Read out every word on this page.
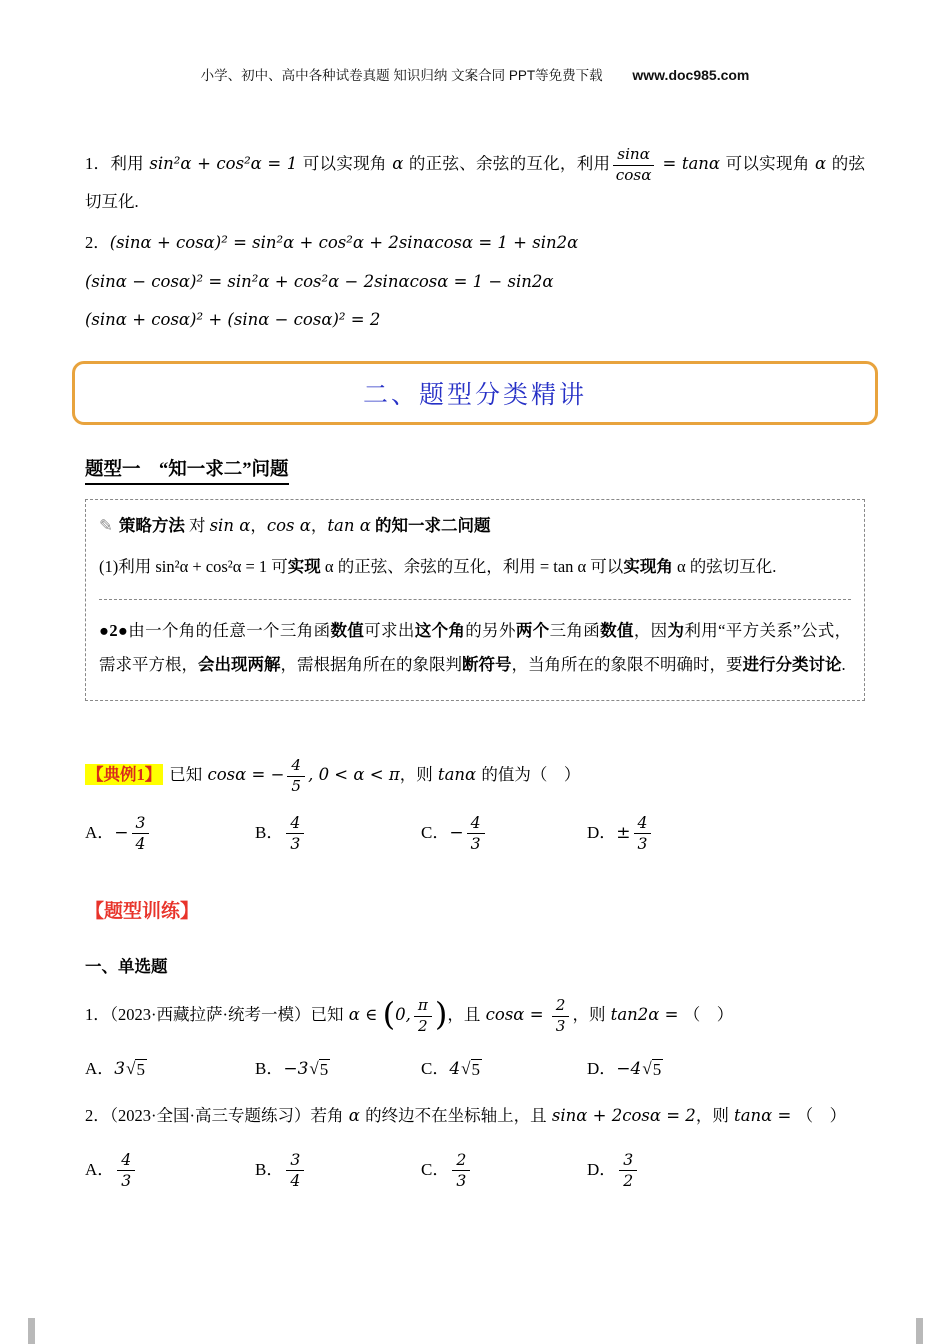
小学、初中、高中各种试卷真题 知识归纳 文案合同 PPT等免费下载 www.doc985.com

1．利用 sin²α + cos²α = 1 可以实现角 α 的正弦、余弦的互化，利用 $\frac{\sin\alpha}{\cos\alpha} = \tan\alpha$ 可以实现角 α 的弦切互化.

2．(sinα + cosα)² = sin²α + cos²α + 2sinαcosα = 1 + sin2α

(sinα − cosα)² = sin²α + cos²α − 2sinαcosα = 1 − sin2α

(sinα + cosα)² + (sinα − cosα)² = 2

二、题型分类精讲
题型一　“知一求二”问题

✎ 策略方法 对 sin α，cos α，tan α 的知一求二问题

(1)利用 sin²α + cos²α = 1 可实现 α 的正弦、余弦的互化，利用 = tan α 可以实现角 α 的弦切互化.

●2●由一个角的任意一个三角函数值可求出这个角的另外两个三角函数值，因为利用“平方关系”公式，需求平方根，会出现两解，需根据角所在的象限判断符号，当角所在的象限不明确时，要进行分类讨论.

【典例1】 已知 cosα = − $\frac{4}{5}$ , 0 < α < π，则 tanα 的值为（　）

A．− $\frac{3}{4}$	B． $\frac{4}{3}$	C．− $\frac{4}{3}$	D．± $\frac{4}{3}$
【题型训练】
一、单选题

1．（2023·西藏拉萨·统考一模）已知 α ∈ (0, $\frac{\pi}{2}$ )，且 $\cos\alpha = \frac{2}{3}$ ，则 tan2α = （　）

A．3 √ 5	B．−3 √ 5	C．4 √ 5	D．−4 √ 5

2．（2023·全国·高三专题练习）若角 α 的终边不在坐标轴上，且 sinα + 2cosα = 2，则 tanα = （　）

A． $\frac{4}{3}$	B． $\frac{3}{4}$	C． $\frac{2}{3}$	D． $\frac{3}{2}$
